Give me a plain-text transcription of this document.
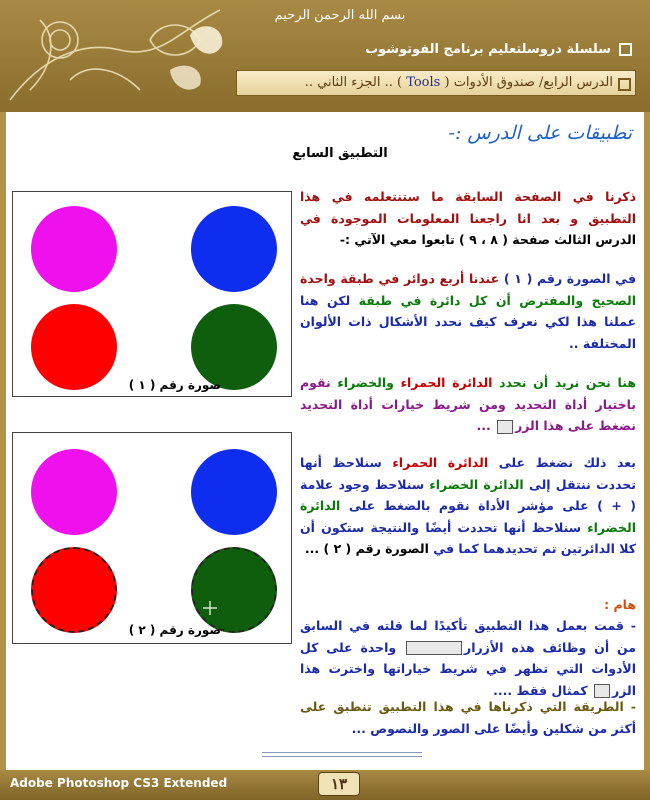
بسم الله الرحمن الرحيم
سلسلة دروسلتعليم برنامج الفوتوشوب
الدرس الرابع/ صندوق الأدوات ( Tools ) .. الجزء الثاني ..
تطبيقات على الدرس :-
التطبيق السابع
صورة رقم ( ١ )
صورة رقم ( ٢ )
ذكرنا في الصفحة السابقة ما ستنتعلمه في هذا التطبيق و بعد انا راجعنا المعلومات الموجودة في الدرس الثالث صفحة ( ٨ ، ٩ ) تابعوا معي الآتي :-
في الصورة رقم ( ١ ) عندنا أربع دوائر في طبقة واحدة الصحيح والمفترض أن كل دائرة في طبقة لكن هنا عملنا هذا لكي نعرف كيف نحدد الأشكال ذات الألوان المختلفة ..
هنا نحن نريد أن نحدد الدائرة الحمراء والخضراء نقوم باختيار أداة التحديد ومن شريط خيارات أداة التحديد نضغط على هذا الزر ...
بعد ذلك نضغط على الدائرة الحمراء سنلاحظ أنها تحددت ننتقل إلى الدائرة الخضراء سنلاحظ وجود علامة ( + ) على مؤشر الأداة نقوم بالضغط على الدائرة الخضراء سنلاحظ أنها تحددت أيضًا والنتيجة ستكون أن كلا الدائرتين تم تحديدهما كما في الصورة رقم ( ٢ ) ...
هام :
- قمت بعمل هذا التطبيق تأكيدًا لما قلته في السابق من أن وظائف هذه الأزرار واحدة على كل الأدوات التي تظهر في شريط خياراتها واخترت هذا الزر كمثال فقط ....
- الطريقة التي ذكرناها في هذا التطبيق تنطبق على أكثر من شكلين وأيضًا على الصور والنصوص ...
Adobe Photoshop CS3 Extended	١٣
